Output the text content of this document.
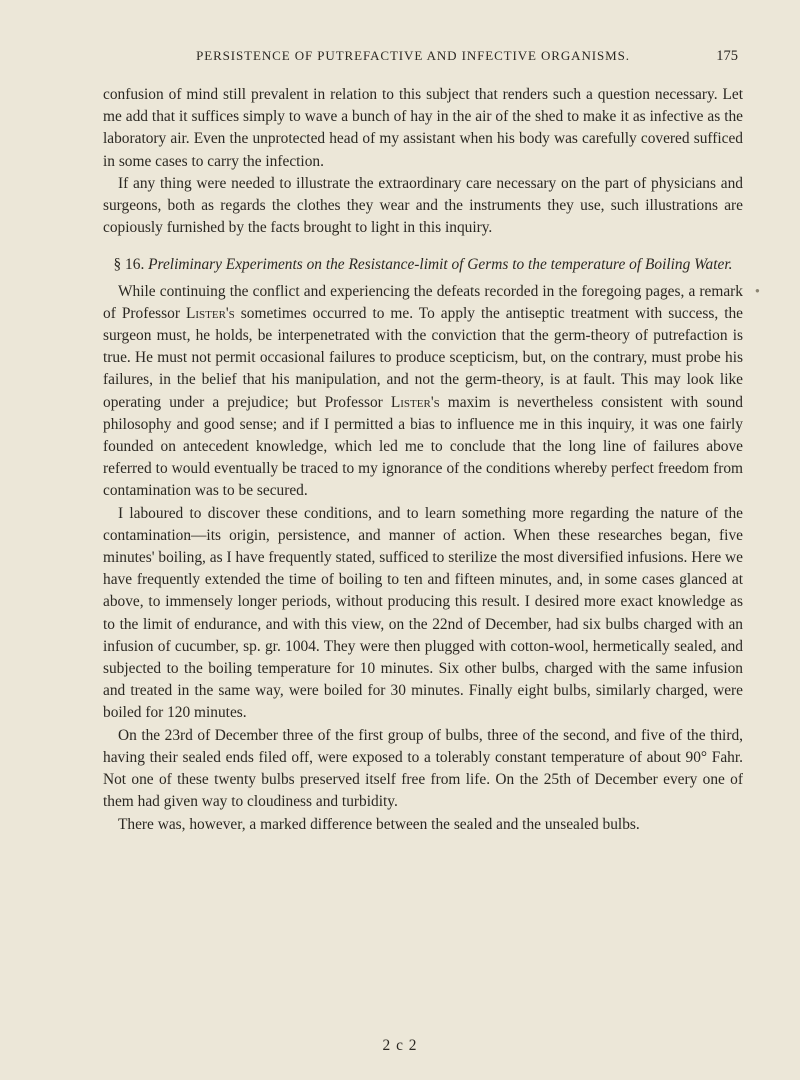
PERSISTENCE OF PUTREFACTIVE AND INFECTIVE ORGANISMS.	175
●

confusion of mind still prevalent in relation to this subject that renders such a question necessary. Let me add that it suffices simply to wave a bunch of hay in the air of the shed to make it as infective as the laboratory air. Even the unprotected head of my assistant when his body was carefully covered sufficed in some cases to carry the infection.

If any thing were needed to illustrate the extraordinary care necessary on the part of physicians and surgeons, both as regards the clothes they wear and the instruments they use, such illustrations are copiously furnished by the facts brought to light in this inquiry.

§ 16. Preliminary Experiments on the Resistance-limit of Germs to the temperature of Boiling Water.

While continuing the conflict and experiencing the defeats recorded in the foregoing pages, a remark of Professor Lister's sometimes occurred to me. To apply the antiseptic treatment with success, the surgeon must, he holds, be interpenetrated with the conviction that the germ-theory of putrefaction is true. He must not permit occasional failures to produce scepticism, but, on the contrary, must probe his failures, in the belief that his manipulation, and not the germ-theory, is at fault. This may look like operating under a prejudice; but Professor Lister's maxim is nevertheless consistent with sound philosophy and good sense; and if I permitted a bias to influence me in this inquiry, it was one fairly founded on antecedent knowledge, which led me to conclude that the long line of failures above referred to would eventually be traced to my ignorance of the conditions whereby perfect freedom from contamination was to be secured.

I laboured to discover these conditions, and to learn something more regarding the nature of the contamination—its origin, persistence, and manner of action. When these researches began, five minutes' boiling, as I have frequently stated, sufficed to sterilize the most diversified infusions. Here we have frequently extended the time of boiling to ten and fifteen minutes, and, in some cases glanced at above, to immensely longer periods, without producing this result. I desired more exact knowledge as to the limit of endurance, and with this view, on the 22nd of December, had six bulbs charged with an infusion of cucumber, sp. gr. 1004. They were then plugged with cotton-wool, hermetically sealed, and subjected to the boiling temperature for 10 minutes. Six other bulbs, charged with the same infusion and treated in the same way, were boiled for 30 minutes. Finally eight bulbs, similarly charged, were boiled for 120 minutes.

On the 23rd of December three of the first group of bulbs, three of the second, and five of the third, having their sealed ends filed off, were exposed to a tolerably constant temperature of about 90° Fahr. Not one of these twenty bulbs preserved itself free from life. On the 25th of December every one of them had given way to cloudiness and turbidity.

There was, however, a marked difference between the sealed and the unsealed bulbs.

2 c 2
